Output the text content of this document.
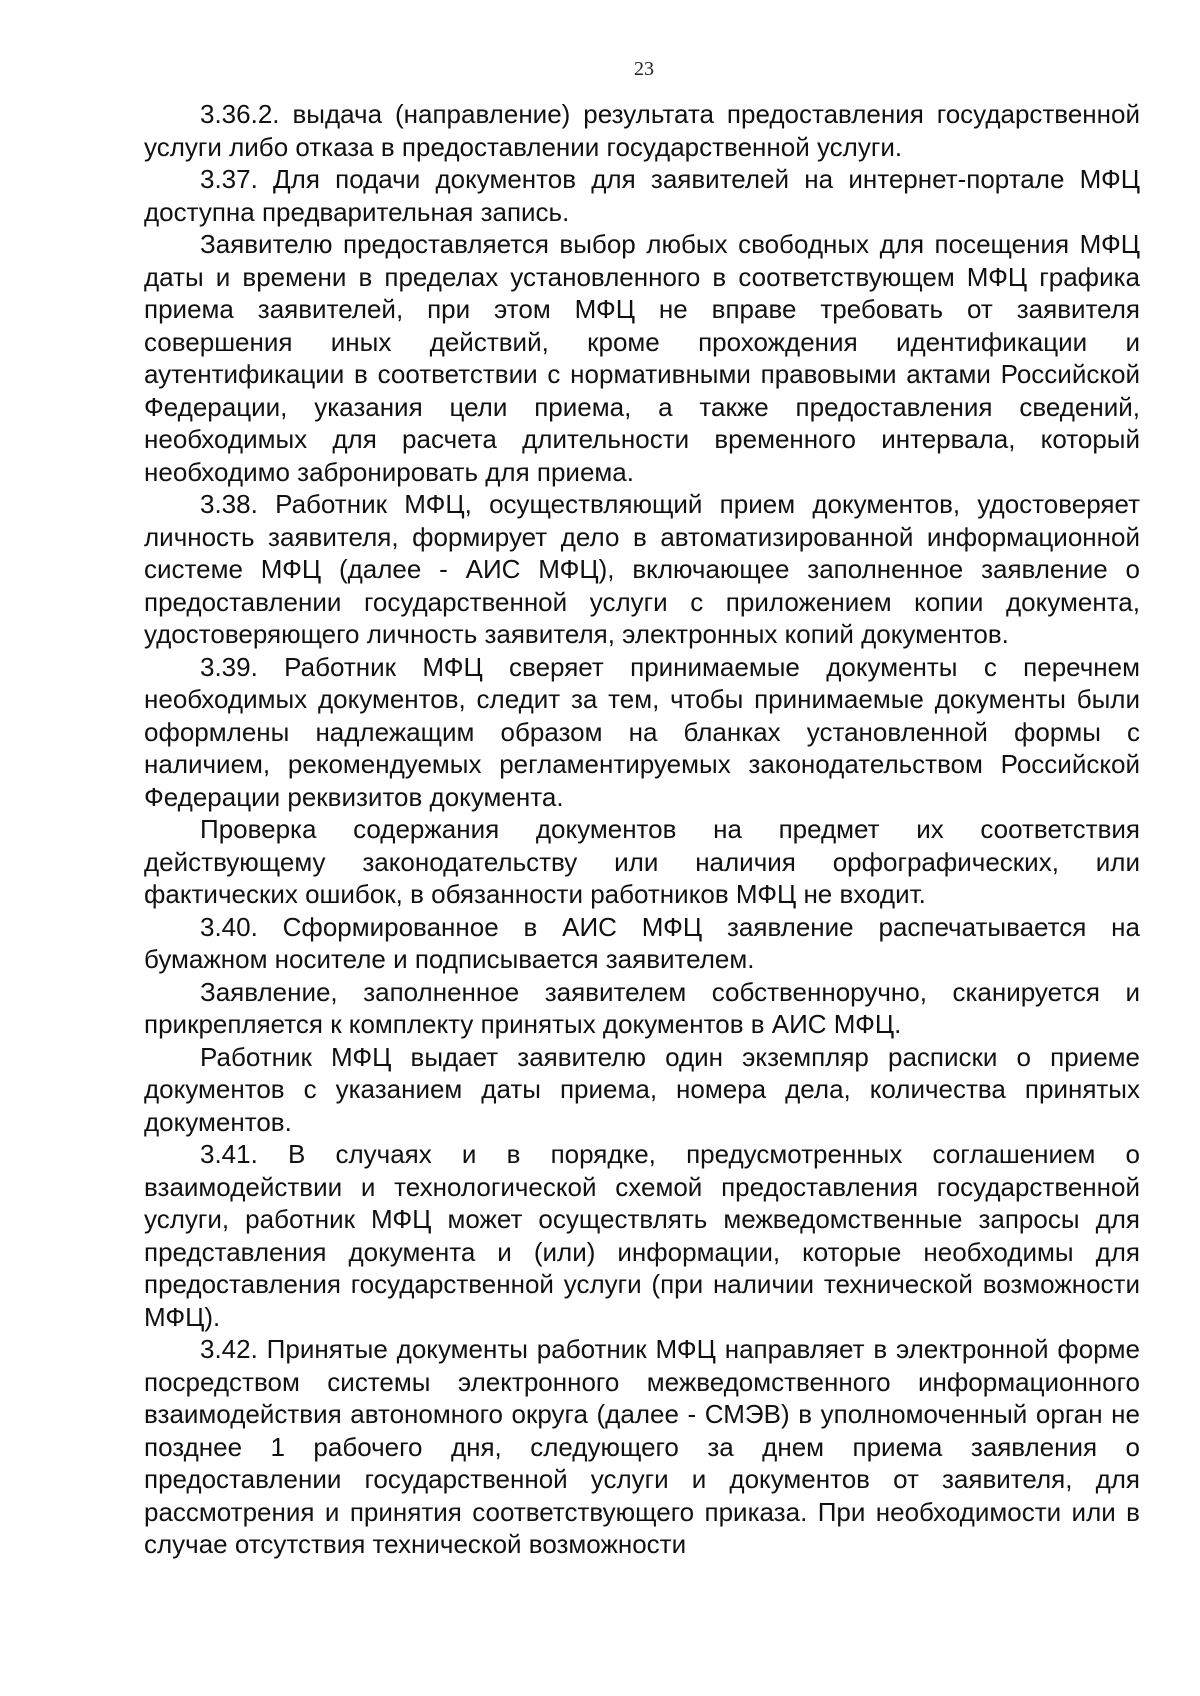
23

3.36.2. выдача (направление) результата предоставления государственной услуги либо отказа в предоставлении государственной услуги.

3.37. Для подачи документов для заявителей на интернет-портале МФЦ доступна предварительная запись.

Заявителю предоставляется выбор любых свободных для посещения МФЦ даты и времени в пределах установленного в соответствующем МФЦ графика приема заявителей, при этом МФЦ не вправе требовать от заявителя совершения иных действий, кроме прохождения идентификации и аутентификации в соответствии с нормативными правовыми актами Российской Федерации, указания цели приема, а также предоставления сведений, необходимых для расчета длительности временного интервала, который необходимо забронировать для приема.

3.38. Работник МФЦ, осуществляющий прием документов, удостоверяет личность заявителя, формирует дело в автоматизированной информационной системе МФЦ (далее - АИС МФЦ), включающее заполненное заявление о предоставлении государственной услуги с приложением копии документа, удостоверяющего личность заявителя, электронных копий документов.

3.39. Работник МФЦ сверяет принимаемые документы с перечнем необходимых документов, следит за тем, чтобы принимаемые документы были оформлены надлежащим образом на бланках установленной формы с наличием, рекомендуемых регламентируемых законодательством Российской Федерации реквизитов документа.

Проверка содержания документов на предмет их соответствия действующему законодательству или наличия орфографических, или фактических ошибок, в обязанности работников МФЦ не входит.

3.40. Сформированное в АИС МФЦ заявление распечатывается на бумажном носителе и подписывается заявителем.

Заявление, заполненное заявителем собственноручно, сканируется и прикрепляется к комплекту принятых документов в АИС МФЦ.

Работник МФЦ выдает заявителю один экземпляр расписки о приеме документов с указанием даты приема, номера дела, количества принятых документов.

3.41. В случаях и в порядке, предусмотренных соглашением о взаимодействии и технологической схемой предоставления государственной услуги, работник МФЦ может осуществлять межведомственные запросы для представления документа и (или) информации, которые необходимы для предоставления государственной услуги (при наличии технической возможности МФЦ).

3.42. Принятые документы работник МФЦ направляет в электронной форме посредством системы электронного межведомственного информационного взаимодействия автономного округа (далее - СМЭВ) в уполномоченный орган не позднее 1 рабочего дня, следующего за днем приема заявления о предоставлении государственной услуги и документов от заявителя, для рассмотрения и принятия соответствующего приказа. При необходимости или в случае отсутствия технической возможности
